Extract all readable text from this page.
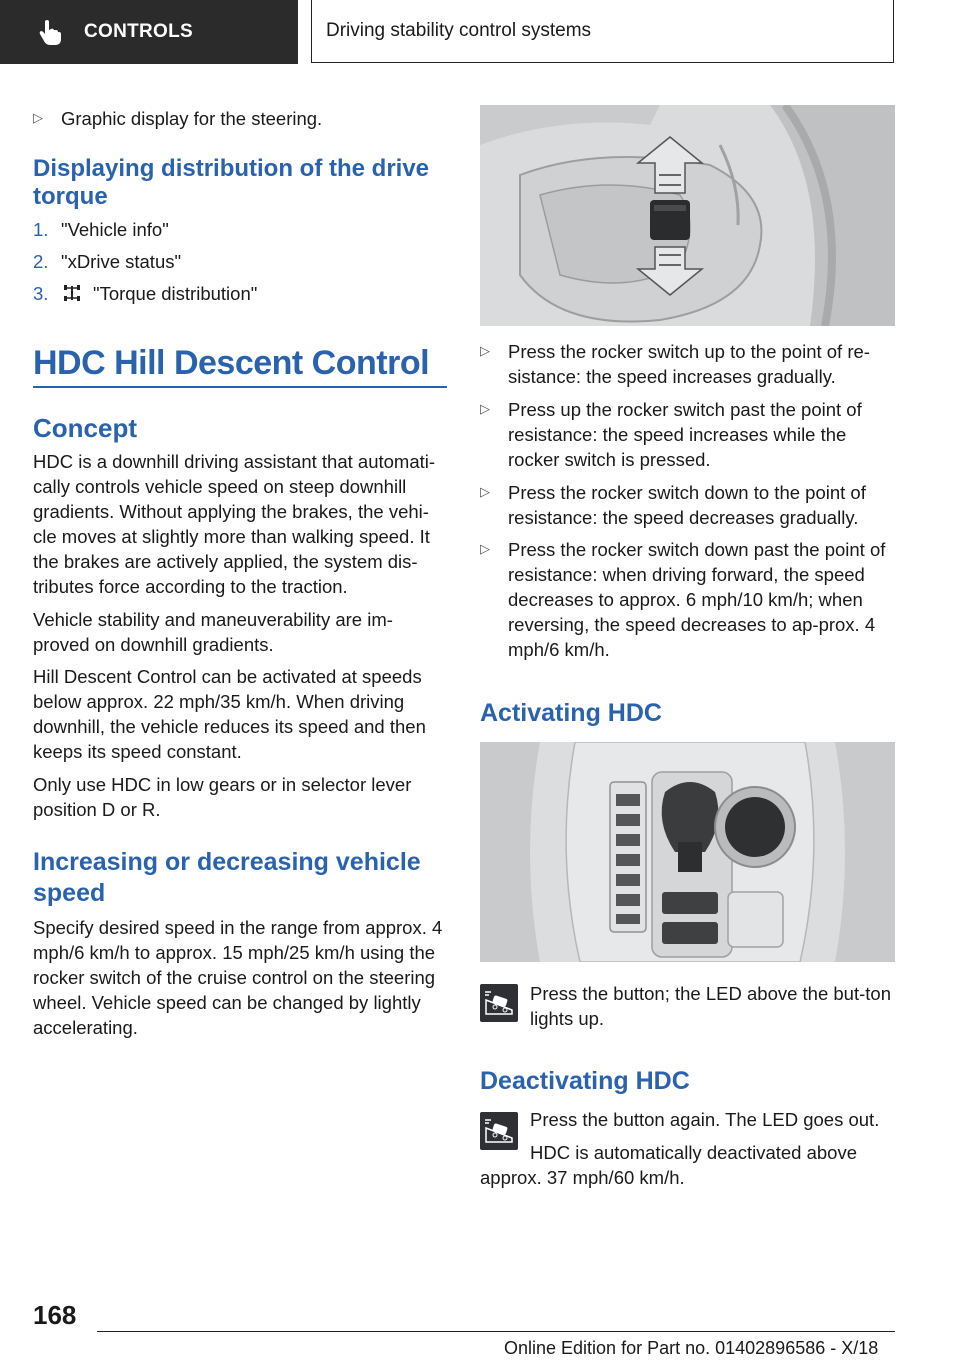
CONTROLS	Driving stability control systems
▷ Graphic display for the steering.

Displaying distribution of the drive torque

1. "Vehicle info"
2. "xDrive status"
3.	"Torque distribution"

HDC Hill Descent Control

Concept

HDC is a downhill driving assistant that automati-cally controls vehicle speed on steep downhill gradients. Without applying the brakes, the vehi-cle moves at slightly more than walking speed. It the brakes are actively applied, the system dis-tributes force according to the traction.

Vehicle stability and maneuverability are im-proved on downhill gradients.

Hill Descent Control can be activated at speeds below approx. 22 mph/35 km/h. When driving downhill, the vehicle reduces its speed and then keeps its speed constant.

Only use HDC in low gears or in selector lever position D or R.

Increasing or decreasing vehicle speed

Specify desired speed in the range from approx. 4 mph/6 km/h to approx. 15 mph/25 km/h using the rocker switch of the cruise control on the steering wheel. Vehicle speed can be changed by lightly accelerating.

▷ Press the rocker switch up to the point of re-sistance: the speed increases gradually.

▷ Press up the rocker switch past the point of resistance: the speed increases while the rocker switch is pressed.

▷ Press the rocker switch down to the point of resistance: the speed decreases gradually.

▷ Press the rocker switch down past the point of resistance: when driving forward, the speed decreases to approx. 6 mph/10 km/h; when reversing, the speed decreases to ap-prox. 4 mph/6 km/h.

Activating HDC

Press the button; the LED above the but-ton lights up.

Deactivating HDC

Press the button again. The LED goes out.

HDC is automatically deactivated above approx. 37 mph/60 km/h.

168
Online Edition for Part no. 01402896586 - X/18
